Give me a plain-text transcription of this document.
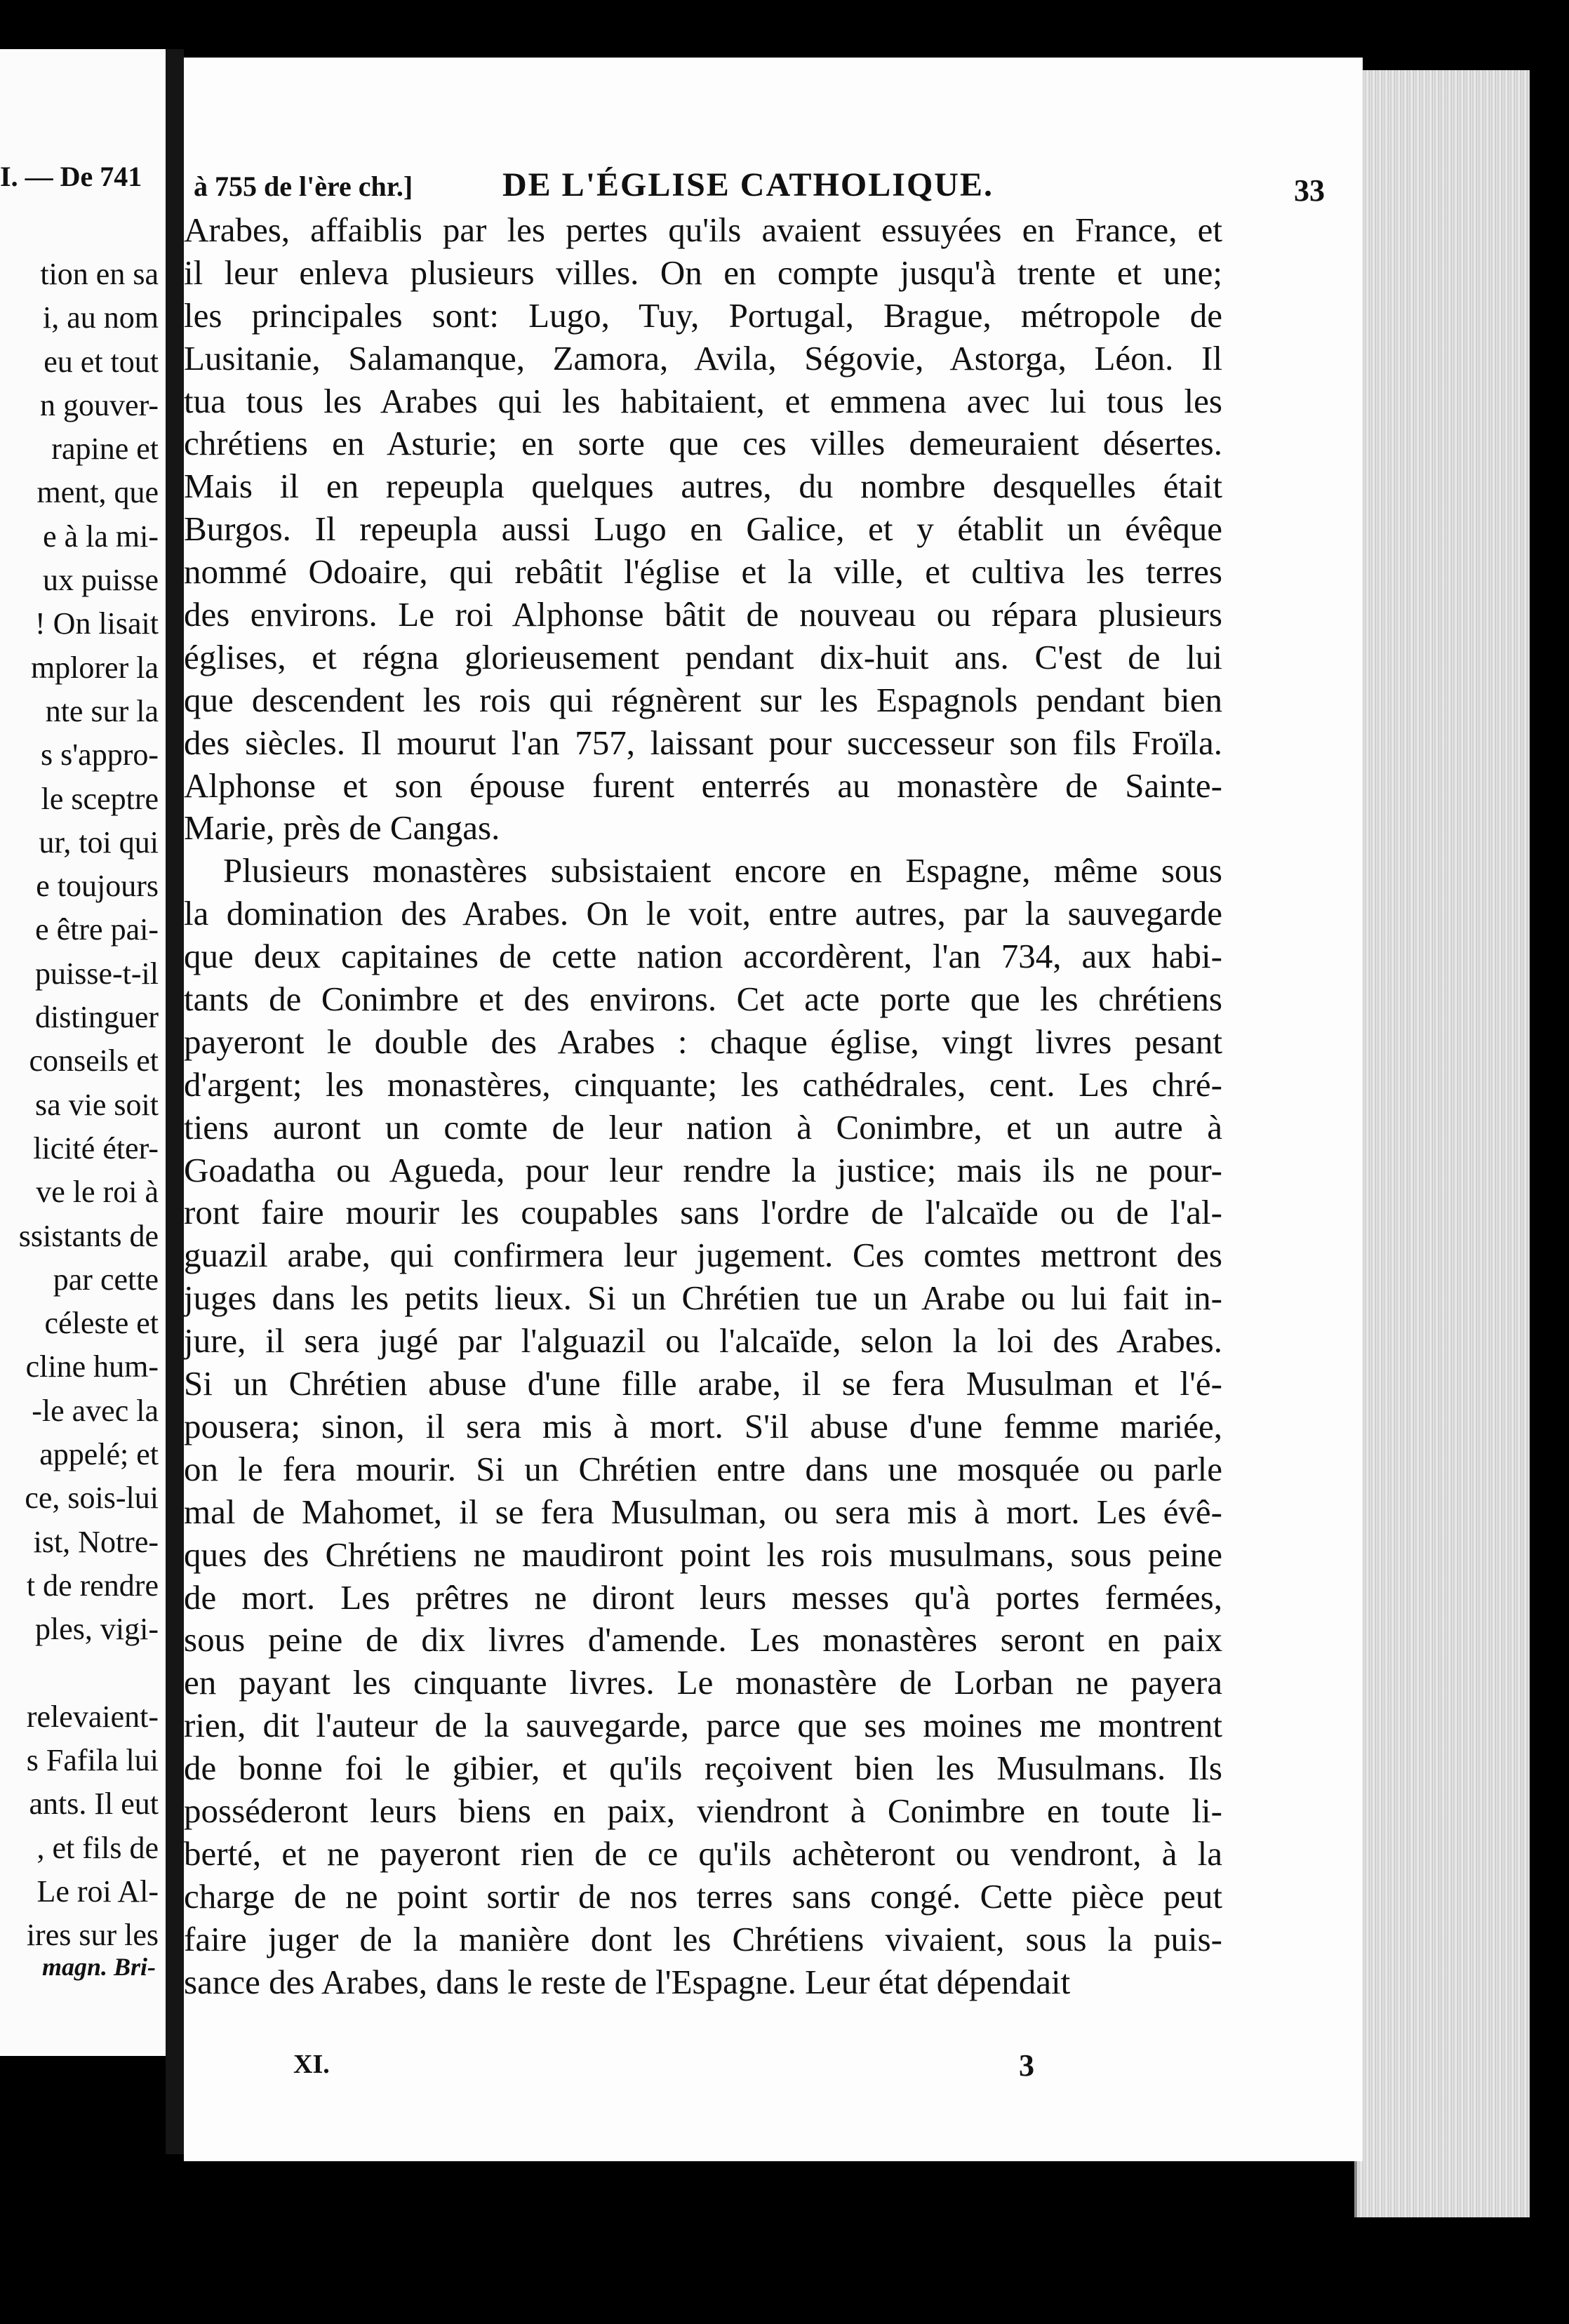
I. — De 741
tion en sa
i, au nom
eu et tout
n gouver-
rapine et
ment, que
e à la mi-
ux puisse
! On lisait
mplorer la
nte sur la
s s'appro-
le sceptre
ur, toi qui
e toujours
e être pai-
puisse-t-il
distinguer
conseils et
sa vie soit
licité éter-
ve le roi à
ssistants de
par cette
céleste et
cline hum-
-le avec la
appelé; et
ce, sois-lui
ist, Notre-
t de rendre
ples, vigi-
relevaient-
s Fafila lui
ants. Il eut
, et fils de
Le roi Al-
ires sur les
magn. Bri-
à 755 de l'ère chr.]	DE L'ÉGLISE CATHOLIQUE.	33
Arabes, affaiblis par les pertes qu'ils avaient essuyées en France, et
il leur enleva plusieurs villes. On en compte jusqu'à trente et une;
les principales sont: Lugo, Tuy, Portugal, Brague, métropole de
Lusitanie, Salamanque, Zamora, Avila, Ségovie, Astorga, Léon. Il
tua tous les Arabes qui les habitaient, et emmena avec lui tous les
chrétiens en Asturie; en sorte que ces villes demeuraient désertes.
Mais il en repeupla quelques autres, du nombre desquelles était
Burgos. Il repeupla aussi Lugo en Galice, et y établit un évêque
nommé Odoaire, qui rebâtit l'église et la ville, et cultiva les terres
des environs. Le roi Alphonse bâtit de nouveau ou répara plusieurs
églises, et régna glorieusement pendant dix-huit ans. C'est de lui
que descendent les rois qui régnèrent sur les Espagnols pendant bien
des siècles. Il mourut l'an 757, laissant pour successeur son fils Froïla.
Alphonse et son épouse furent enterrés au monastère de Sainte-
Marie, près de Cangas.
Plusieurs monastères subsistaient encore en Espagne, même sous
la domination des Arabes. On le voit, entre autres, par la sauvegarde
que deux capitaines de cette nation accordèrent, l'an 734, aux habi-
tants de Conimbre et des environs. Cet acte porte que les chrétiens
payeront le double des Arabes : chaque église, vingt livres pesant
d'argent; les monastères, cinquante; les cathédrales, cent. Les chré-
tiens auront un comte de leur nation à Conimbre, et un autre à
Goadatha ou Agueda, pour leur rendre la justice; mais ils ne pour-
ront faire mourir les coupables sans l'ordre de l'alcaïde ou de l'al-
guazil arabe, qui confirmera leur jugement. Ces comtes mettront des
juges dans les petits lieux. Si un Chrétien tue un Arabe ou lui fait in-
jure, il sera jugé par l'alguazil ou l'alcaïde, selon la loi des Arabes.
Si un Chrétien abuse d'une fille arabe, il se fera Musulman et l'é-
pousera; sinon, il sera mis à mort. S'il abuse d'une femme mariée,
on le fera mourir. Si un Chrétien entre dans une mosquée ou parle
mal de Mahomet, il se fera Musulman, ou sera mis à mort. Les évê-
ques des Chrétiens ne maudiront point les rois musulmans, sous peine
de mort. Les prêtres ne diront leurs messes qu'à portes fermées,
sous peine de dix livres d'amende. Les monastères seront en paix
en payant les cinquante livres. Le monastère de Lorban ne payera
rien, dit l'auteur de la sauvegarde, parce que ses moines me montrent
de bonne foi le gibier, et qu'ils reçoivent bien les Musulmans. Ils
posséderont leurs biens en paix, viendront à Conimbre en toute li-
berté, et ne payeront rien de ce qu'ils achèteront ou vendront, à la
charge de ne point sortir de nos terres sans congé. Cette pièce peut
faire juger de la manière dont les Chrétiens vivaient, sous la puis-
sance des Arabes, dans le reste de l'Espagne. Leur état dépendait
XI.	3
